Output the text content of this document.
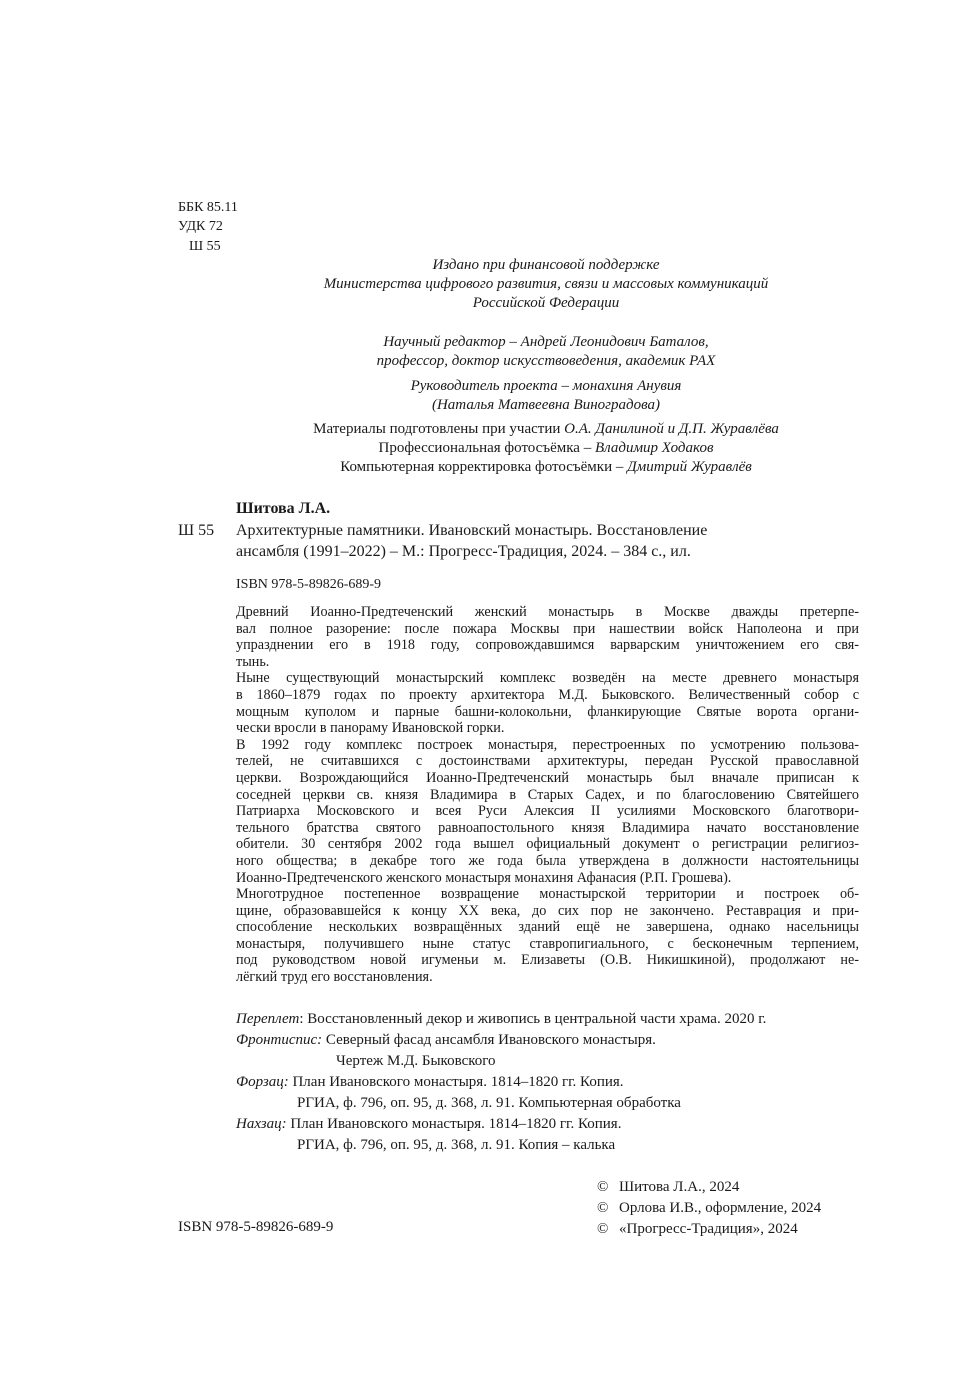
ББК 85.11
УДК 72
Ш 55
Издано при финансовой поддержке
Министерства цифрового развития, связи и массовых коммуникаций
Российской Федерации
Научный редактор – Андрей Леонидович Баталов,
профессор, доктор искусствоведения, академик РАХ
Руководитель проекта – монахиня Анувия
(Наталья Матвеевна Виноградова)
Материалы подготовлены при участии О.А. Данилиной и Д.П. Журавлёва
Профессиональная фотосъёмка – Владимир Ходаков
Компьютерная корректировка фотосъёмки – Дмитрий Журавлёв
Шитова Л.А.
Ш 55 Архитектурные памятники. Ивановский монастырь. Восстановление
ансамбля (1991–2022) – М.: Прогресс-Традиция, 2024. – 384 с., ил.
ISBN 978-5-89826-689-9
Древний Иоанно-Предтеченский женский монастырь в Москве дважды претерпе-
вал полное разорение: после пожара Москвы при нашествии войск Наполеона и при
упразднении его в 1918 году, сопровождавшимся варварским уничтожением его свя-
тынь.
Ныне существующий монастырский комплекс возведён на месте древнего монастыря
в 1860–1879 годах по проекту архитектора М.Д. Быковского. Величественный собор с
мощным куполом и парные башни-колокольни, фланкирующие Святые ворота органи-
чески вросли в панораму Ивановской горки.
В 1992 году комплекс построек монастыря, перестроенных по усмотрению пользова-
телей, не считавшихся с достоинствами архитектуры, передан Русской православной
церкви. Возрождающийся Иоанно-Предтеченский монастырь был вначале приписан к
соседней церкви св. князя Владимира в Старых Садех, и по благословению Святейшего
Патриарха Московского и всея Руси Алексия II усилиями Московского благотвори-
тельного братства святого равноапостольного князя Владимира начато восстановление
обители. 30 сентября 2002 года вышел официальный документ о регистрации религиоз-
ного общества; в декабре того же года была утверждена в должности настоятельницы
Иоанно-Предтеченского женского монастыря монахиня Афанасия (Р.П. Грошева).
Многотрудное постепенное возвращение монастырской территории и построек об-
щине, образовавшейся к концу XX века, до сих пор не закончено. Реставрация и при-
способление нескольких возвращённых зданий ещё не завершена, однако насельницы
монастыря, получившего ныне статус ставропигиального, с бесконечным терпением,
под руководством новой игуменьи м. Елизаветы (О.В. Никишкиной), продолжают не-
лёгкий труд его восстановления.
Переплет: Восстановленный декор и живопись в центральной части храма. 2020 г.
Фронтиспис: Северный фасад ансамбля Ивановского монастыря.
Чертеж М.Д. Быковского
Форзац: План Ивановского монастыря. 1814–1820 гг. Копия.
РГИА, ф. 796, оп. 95, д. 368, л. 91. Компьютерная обработка
Нахзац: План Ивановского монастыря. 1814–1820 гг. Копия.
РГИА, ф. 796, оп. 95, д. 368, л. 91. Копия – калька
© Шитова Л.А., 2024
© Орлова И.В., оформление, 2024
© «Прогресс-Традиция», 2024
ISBN 978-5-89826-689-9
